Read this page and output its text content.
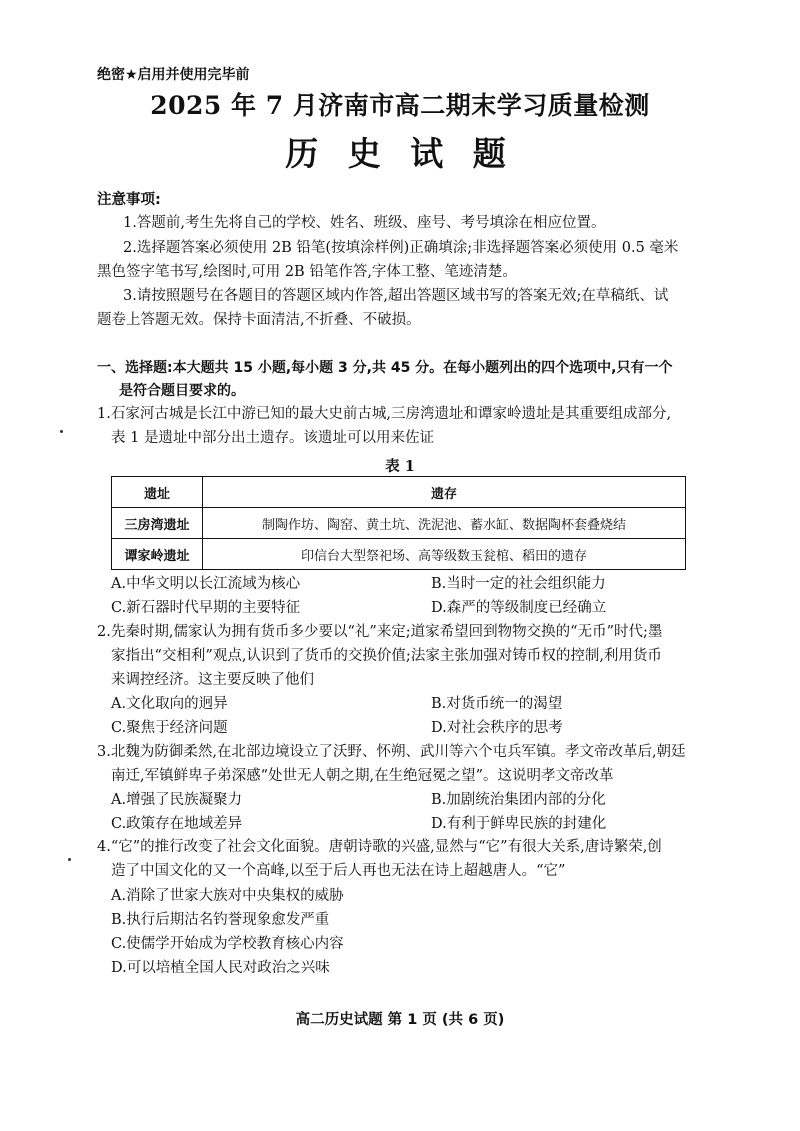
绝密★启用并使用完毕前
2025 年 7 月济南市高二期末学习质量检测
历 史 试 题
注意事项:
1.答题前,考生先将自己的学校、姓名、班级、座号、考号填涂在相应位置。
2.选择题答案必须使用 2B 铅笔(按填涂样例)正确填涂;非选择题答案必须使用 0.5 毫米
黑色签字笔书写,绘图时,可用 2B 铅笔作答,字体工整、笔迹清楚。
3.请按照题号在各题目的答题区域内作答,超出答题区域书写的答案无效;在草稿纸、试
题卷上答题无效。保持卡面清洁,不折叠、不破损。
一、选择题:本大题共 15 小题,每小题 3 分,共 45 分。在每小题列出的四个选项中,只有一个
是符合题目要求的。
1.石家河古城是长江中游已知的最大史前古城,三房湾遗址和谭家岭遗址是其重要组成部分,
表 1 是遗址中部分出土遗存。该遗址可以用来佐证
表 1
遗址	遗存
三房湾遗址	制陶作坊、陶窑、黄土坑、洗泥池、蓄水缸、数据陶杯套叠烧结
谭家岭遗址	印信台大型祭祀场、高等级数玉瓮棺、稻田的遗存
A.中华文明以长江流域为核心	B.当时一定的社会组织能力
C.新石器时代早期的主要特征	D.森严的等级制度已经确立
2.先秦时期,儒家认为拥有货币多少要以“礼”来定;道家希望回到物物交换的“无币”时代;墨
家指出“交相利”观点,认识到了货币的交换价值;法家主张加强对铸币权的控制,利用货币
来调控经济。这主要反映了他们
A.文化取向的迥异	B.对货币统一的渴望
C.聚焦于经济问题	D.对社会秩序的思考
3.北魏为防御柔然,在北部边境设立了沃野、怀朔、武川等六个屯兵军镇。孝文帝改革后,朝廷
南迁,军镇鲜卑子弟深感“处世无人朝之期,在生绝冠冕之望”。这说明孝文帝改革
A.增强了民族凝聚力	B.加剧统治集团内部的分化
C.政策存在地域差异	D.有利于鲜卑民族的封建化
4.“它”的推行改变了社会文化面貌。唐朝诗歌的兴盛,显然与“它”有很大关系,唐诗繁荣,创
造了中国文化的又一个高峰,以至于后人再也无法在诗上超越唐人。“它”
A.消除了世家大族对中央集权的威胁
B.执行后期沽名钓誉现象愈发严重
C.使儒学开始成为学校教育核心内容
D.可以培植全国人民对政治之兴味
高二历史试题 第 1 页 (共 6 页)
